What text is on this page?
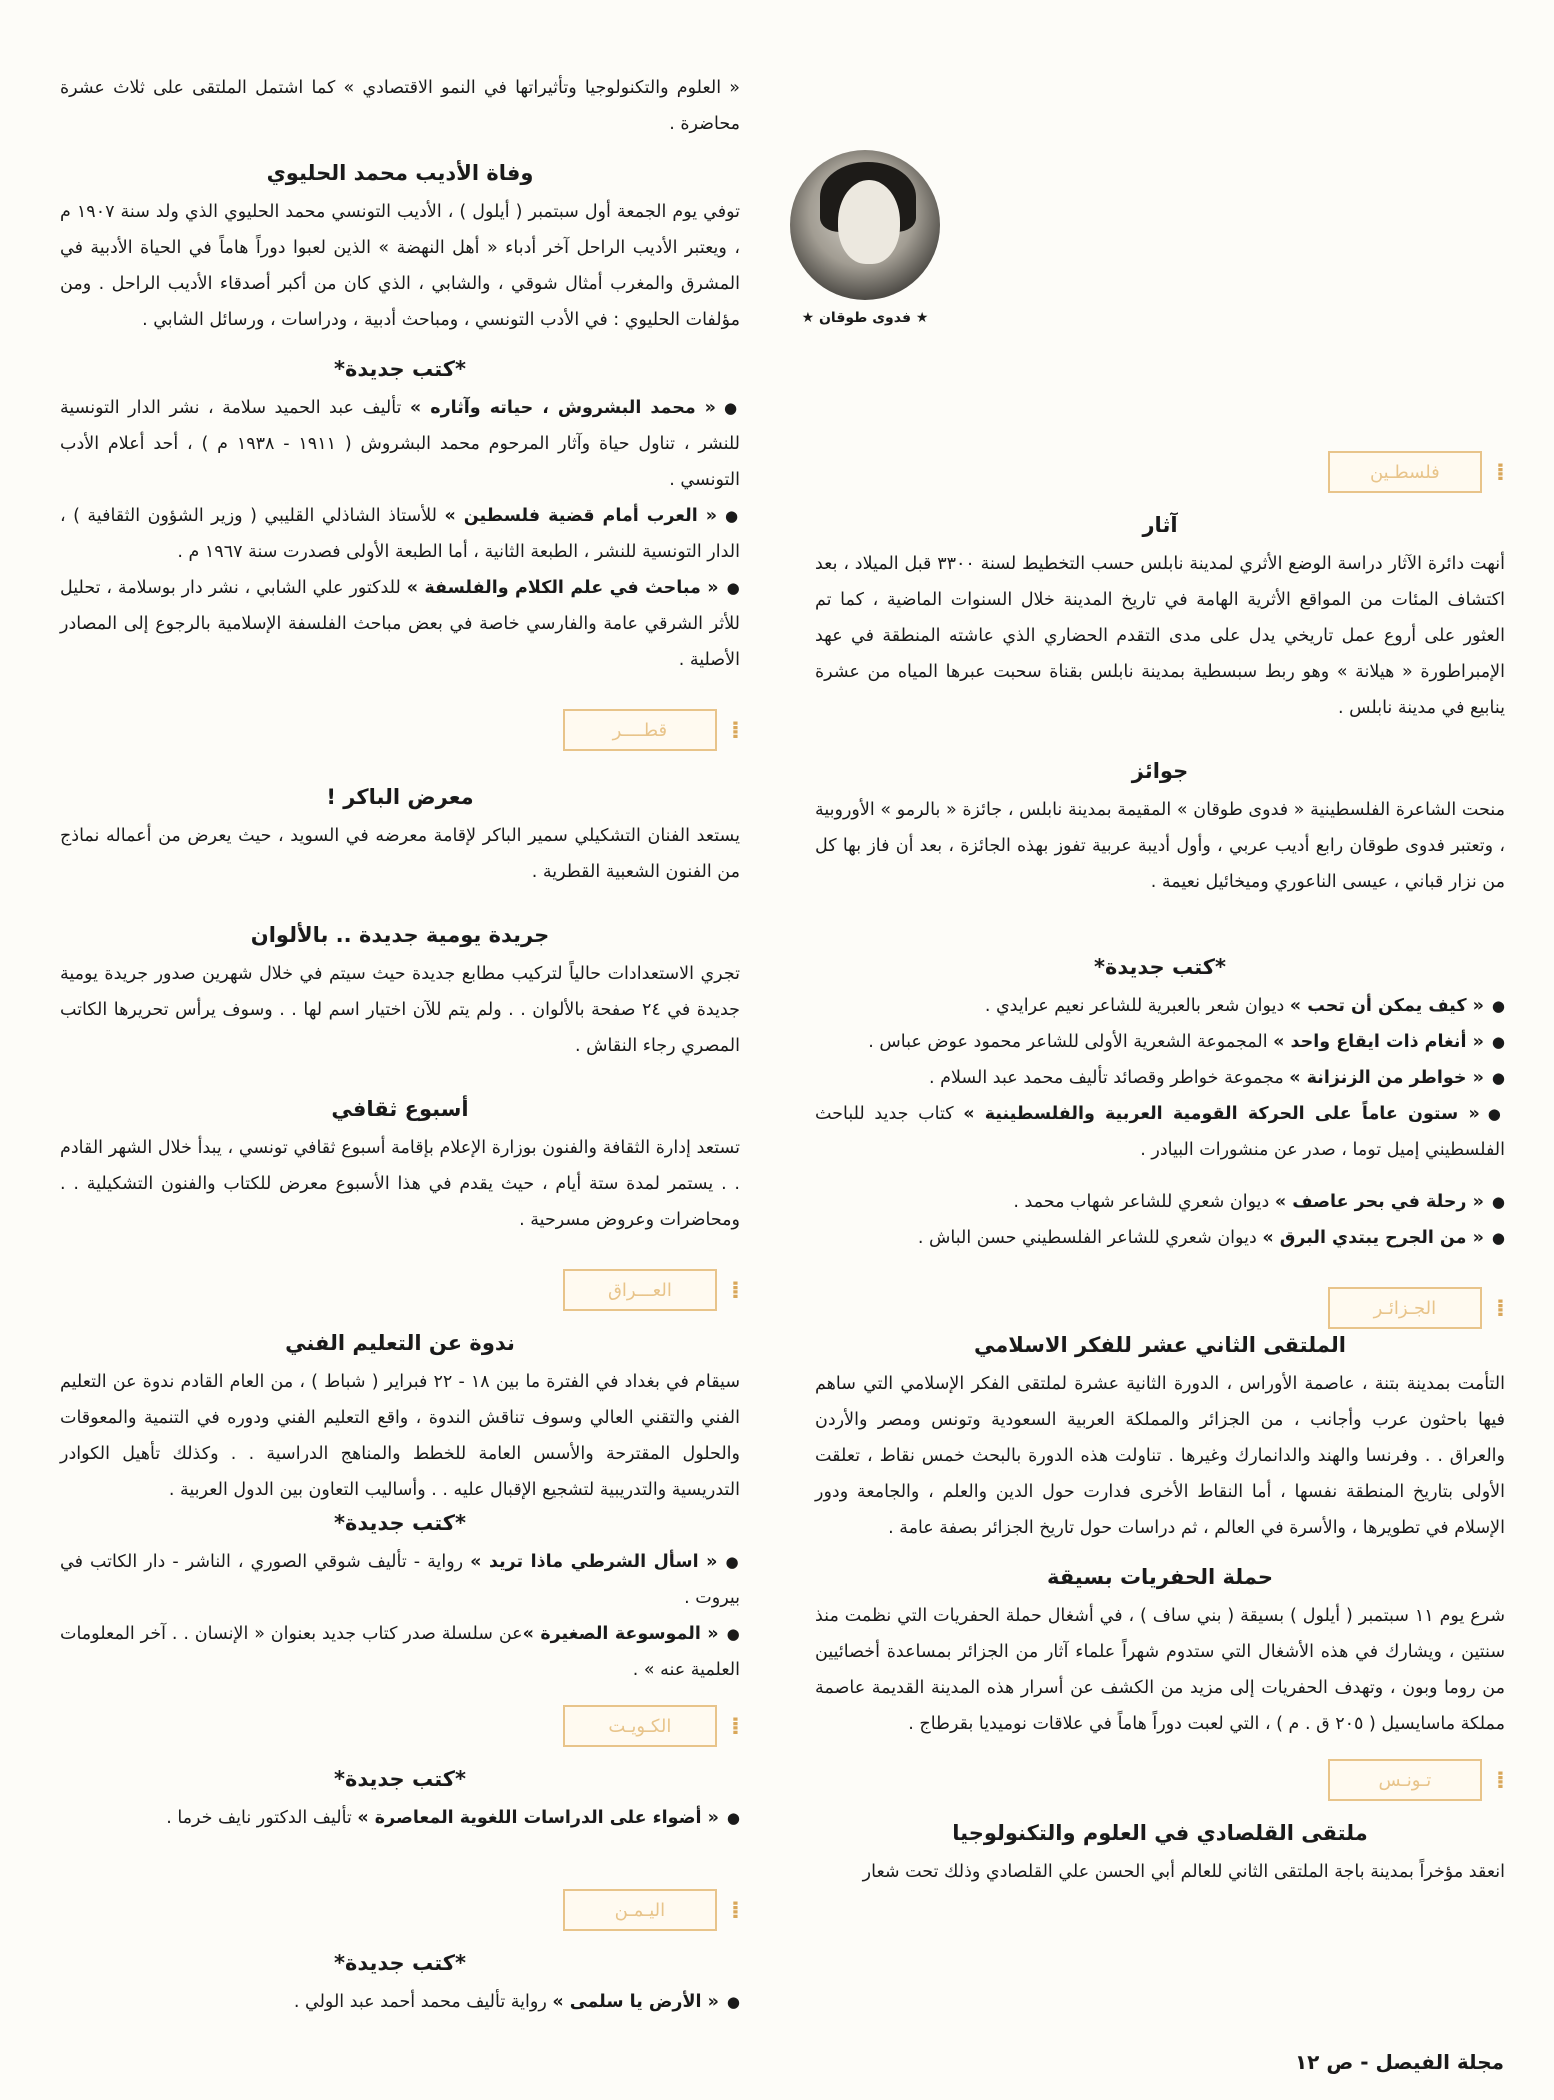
« العلوم والتكنولوجيا وتأثيراتها في النمو الاقتصادي » كما اشتمل الملتقى على ثلاث عشرة محاضرة .

وفاة الأديب محمد الحليوي

توفي يوم الجمعة أول سبتمبر ( أيلول ) ، الأديب التونسي محمد الحليوي الذي ولد سنة ١٩٠٧ م ، ويعتبر الأديب الراحل آخر أدباء « أهل النهضة » الذين لعبوا دوراً هاماً في الحياة الأدبية في المشرق والمغرب أمثال شوقي ، والشابي ، الذي كان من أكبر أصدقاء الأديب الراحل . ومن مؤلفات الحليوي : في الأدب التونسي ، ومباحث أدبية ، ودراسات ، ورسائل الشابي .

*كتب جديدة*
● « محمد البشروش ، حياته وآثاره » تأليف عبد الحميد سلامة ، نشر الدار التونسية للنشر ، تناول حياة وآثار المرحوم محمد البشروش ( ١٩١١ - ١٩٣٨ م ) ، أحد أعلام الأدب التونسي .
● « العرب أمام قضية فلسطين » للأستاذ الشاذلي القليبي ( وزير الشؤون الثقافية ) ، الدار التونسية للنشر ، الطبعة الثانية ، أما الطبعة الأولى فصدرت سنة ١٩٦٧ م .
● « مباحث في علم الكلام والفلسفة » للدكتور علي الشابي ، نشر دار بوسلامة ، تحليل للأثر الشرقي عامة والفارسي خاصة في بعض مباحث الفلسفة الإسلامية بالرجوع إلى المصادر الأصلية .
⁞
قطــــر
معرض الباكر !

يستعد الفنان التشكيلي سمير الباكر لإقامة معرضه في السويد ، حيث يعرض من أعماله نماذج من الفنون الشعبية القطرية .

جريدة يومية جديدة .. بالألوان

تجري الاستعدادات حالياً لتركيب مطابع جديدة حيث سيتم في خلال شهرين صدور جريدة يومية جديدة في ٢٤ صفحة بالألوان . . ولم يتم للآن اختيار اسم لها . . وسوف يرأس تحريرها الكاتب المصري رجاء النقاش .

أسبوع ثقافي

تستعد إدارة الثقافة والفنون بوزارة الإعلام بإقامة أسبوع ثقافي تونسي ، يبدأ خلال الشهر القادم . . يستمر لمدة ستة أيام ، حيث يقدم في هذا الأسبوع معرض للكتاب والفنون التشكيلية . . ومحاضرات وعروض مسرحية .

⁞
العـــراق
ندوة عن التعليم الفني

سيقام في بغداد في الفترة ما بين ١٨ - ٢٢ فبراير ( شباط ) ، من العام القادم ندوة عن التعليم الفني والتقني العالي وسوف تناقش الندوة ، واقع التعليم الفني ودوره في التنمية والمعوقات والحلول المقترحة والأسس العامة للخطط والمناهج الدراسية . . وكذلك تأهيل الكوادر التدريسية والتدريبية لتشجيع الإقبال عليه . . وأساليب التعاون بين الدول العربية .

*كتب جديدة*
● « اسأل الشرطي ماذا تريد » رواية - تأليف شوقي الصوري ، الناشر - دار الكاتب في بيروت .
● « الموسوعة الصغيرة »عن سلسلة صدر كتاب جديد بعنوان « الإنسان . . آخر المعلومات العلمية عنه » .
⁞
الكـويـت
*كتب جديدة*
● « أضواء على الدراسات اللغوية المعاصرة » تأليف الدكتور نايف خرما .
⁞
اليـمـن
*كتب جديدة*
● « الأرض يا سلمى » رواية تأليف محمد أحمد عبد الولي .
★ فدوى طوقان ★
⁞
فلسطـين
آثار

أنهت دائرة الآثار دراسة الوضع الأثري لمدينة نابلس حسب التخطيط لسنة ٣٣٠٠ قبل الميلاد ، بعد اكتشاف المئات من المواقع الأثرية الهامة في تاريخ المدينة خلال السنوات الماضية ، كما تم العثور على أروع عمل تاريخي يدل على مدى التقدم الحضاري الذي عاشته المنطقة في عهد الإمبراطورة « هيلانة » وهو ربط سبسطية بمدينة نابلس بقناة سحبت عبرها المياه من عشرة ينابيع في مدينة نابلس .

جوائز

منحت الشاعرة الفلسطينية « فدوى طوقان » المقيمة بمدينة نابلس ، جائزة « بالرمو » الأوروبية ، وتعتبر فدوى طوقان رابع أديب عربي ، وأول أديبة عربية تفوز بهذه الجائزة ، بعد أن فاز بها كل من نزار قباني ، عيسى الناعوري وميخائيل نعيمة .

*كتب جديدة*
● « كيف يمكن أن تحب » ديوان شعر بالعبرية للشاعر نعيم عرايدي .
● « أنغام ذات ايقاع واحد » المجموعة الشعرية الأولى للشاعر محمود عوض عباس .
● « خواطر من الزنزانة » مجموعة خواطر وقصائد تأليف محمد عبد السلام .
● « ستون عاماً على الحركة القومية العربية والفلسطينية » كتاب جديد للباحث الفلسطيني إميل توما ، صدر عن منشورات البيادر .
● « رحلة في بحر عاصف » ديوان شعري للشاعر شهاب محمد .
● « من الجرح يبتدي البرق » ديوان شعري للشاعر الفلسطيني حسن الباش .
⁞
الجـزائـر
الملتقى الثاني عشر للفكر الاسلامي

التأمت بمدينة بتنة ، عاصمة الأوراس ، الدورة الثانية عشرة لملتقى الفكر الإسلامي التي ساهم فيها باحثون عرب وأجانب ، من الجزائر والمملكة العربية السعودية وتونس ومصر والأردن والعراق . . وفرنسا والهند والدانمارك وغيرها . تناولت هذه الدورة بالبحث خمس نقاط ، تعلقت الأولى بتاريخ المنطقة نفسها ، أما النقاط الأخرى فدارت حول الدين والعلم ، والجامعة ودور الإسلام في تطويرها ، والأسرة في العالم ، ثم دراسات حول تاريخ الجزائر بصفة عامة .

حملة الحفريات بسيقة

شرع يوم ١١ سبتمبر ( أيلول ) بسيقة ( بني ساف ) ، في أشغال حملة الحفريات التي نظمت منذ سنتين ، ويشارك في هذه الأشغال التي ستدوم شهراً علماء آثار من الجزائر بمساعدة أخصائيين من روما وبون ، وتهدف الحفريات إلى مزيد من الكشف عن أسرار هذه المدينة القديمة عاصمة مملكة ماسايسيل ( ٢٠٥ ق . م ) ، التي لعبت دوراً هاماً في علاقات نوميديا بقرطاج .

⁞
تـونـس
ملتقى القلصادي في العلوم والتكنولوجيا

انعقد مؤخراً بمدينة باجة الملتقى الثاني للعالم أبي الحسن علي القلصادي وذلك تحت شعار

مجلة الفيصل - ص ١٢
